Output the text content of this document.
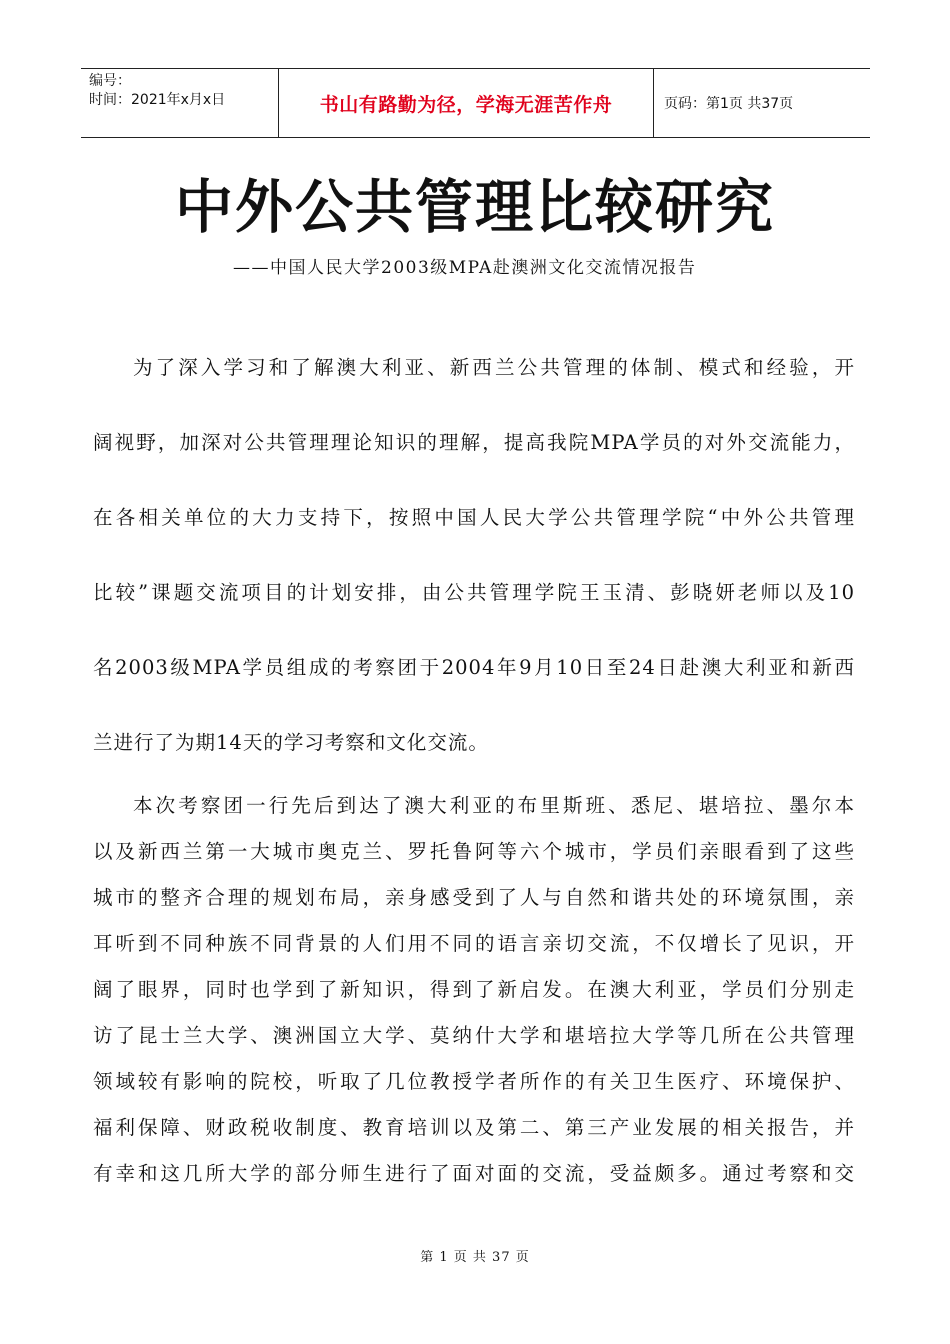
编号：
时间：2021年x月x日	书山有路勤为径，学海无涯苦作舟	页码：第1页 共37页
中外公共管理比较研究
——中国人民大学2003级MPA赴澳洲文化交流情况报告
为了深入学习和了解澳大利亚、新西兰公共管理的体制、模式和经验，开
阔视野，加深对公共管理理论知识的理解，提高我院MPA学员的对外交流能力，
在各相关单位的大力支持下，按照中国人民大学公共管理学院“中外公共管理
比较”课题交流项目的计划安排，由公共管理学院王玉清、彭晓妍老师以及10
名2003级MPA学员组成的考察团于2004年9月10日至24日赴澳大利亚和新西
兰进行了为期14天的学习考察和文化交流。
本次考察团一行先后到达了澳大利亚的布里斯班、悉尼、堪培拉、墨尔本
以及新西兰第一大城市奥克兰、罗托鲁阿等六个城市，学员们亲眼看到了这些
城市的整齐合理的规划布局，亲身感受到了人与自然和谐共处的环境氛围，亲
耳听到不同种族不同背景的人们用不同的语言亲切交流，不仅增长了见识，开
阔了眼界，同时也学到了新知识，得到了新启发。在澳大利亚，学员们分别走
访了昆士兰大学、澳洲国立大学、莫纳什大学和堪培拉大学等几所在公共管理
领域较有影响的院校，听取了几位教授学者所作的有关卫生医疗、环境保护、
福利保障、财政税收制度、教育培训以及第二、第三产业发展的相关报告，并
有幸和这几所大学的部分师生进行了面对面的交流，受益颇多。通过考察和交
第 1 页 共 37 页
